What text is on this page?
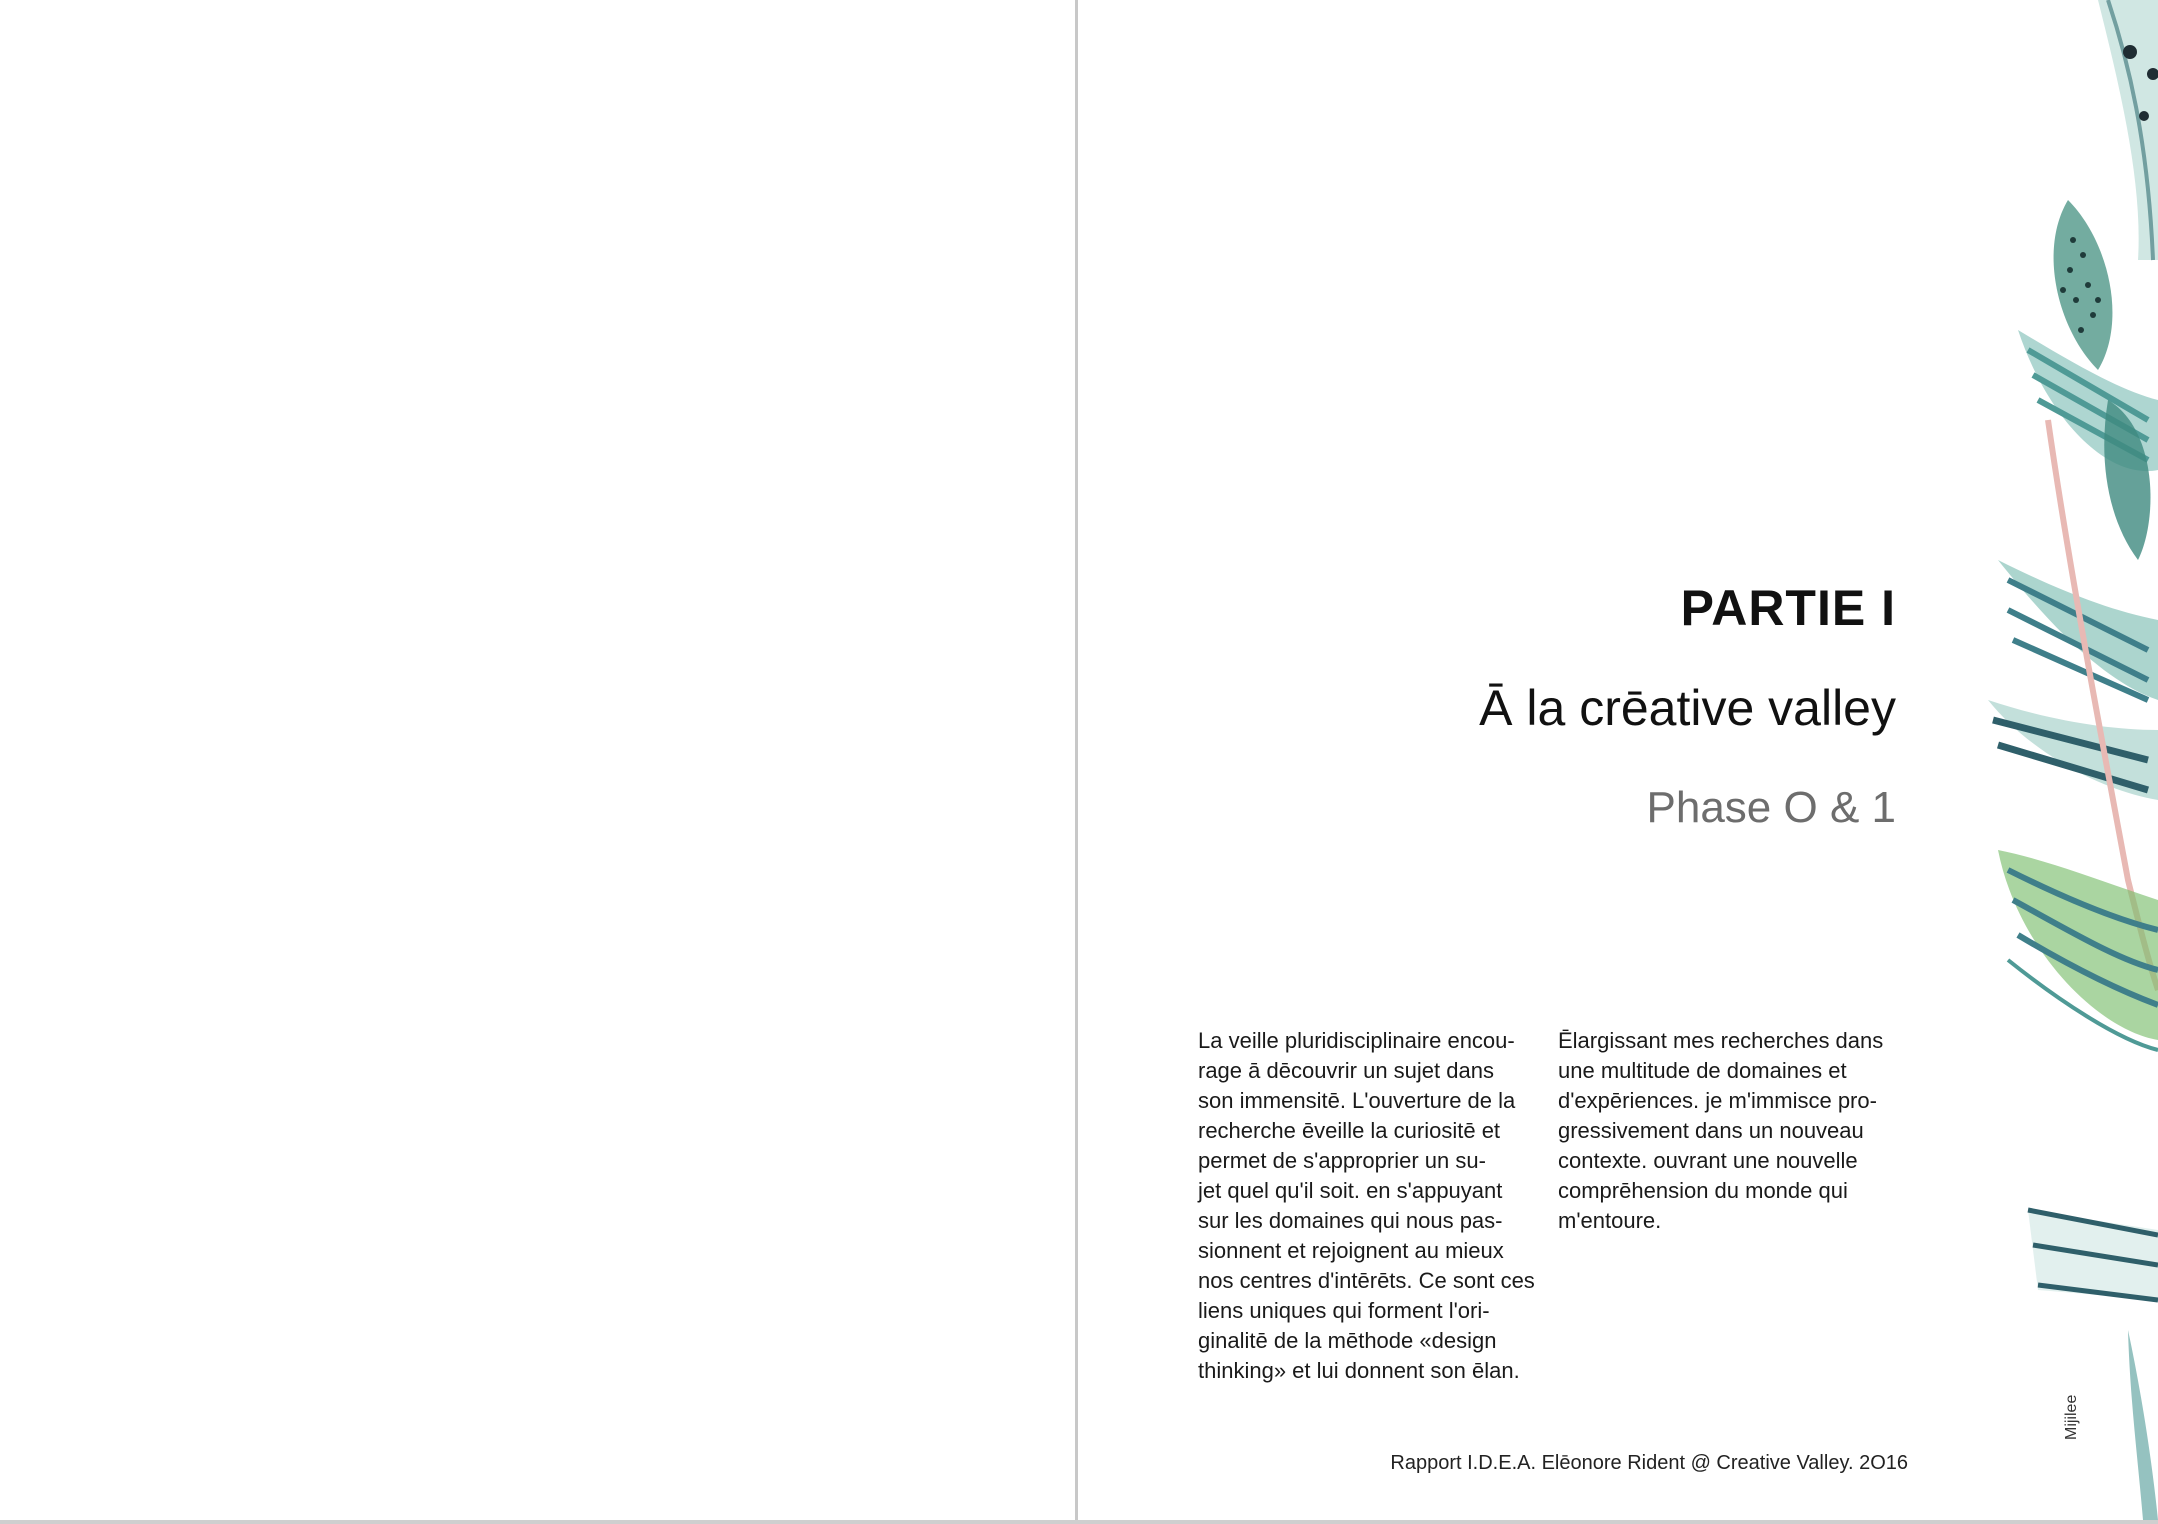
PARTIE I
Ā la crēative valley
Phase O & 1
La veille pluridisciplinaire encou-
rage ā dēcouvrir un sujet dans
son immensitē. L'ouverture de la
recherche ēveille la curiositē et
permet de s'approprier un su-
jet quel qu'il soit. en s'appuyant
sur les domaines qui nous pas-
sionnent et rejoignent au mieux
nos centres d'intērēts. Ce sont ces
liens uniques qui forment l'ori-
ginalitē de la mēthode «design
thinking» et lui donnent son ēlan.
Ēlargissant mes recherches dans
une multitude de domaines et
d'expēriences. je m'immisce pro-
gressivement dans un nouveau
contexte. ouvrant une nouvelle
comprēhension du monde qui
m'entoure.
Rapport I.D.E.A. Elēonore Rident @ Creative Valley. 2O16
Mijilee
